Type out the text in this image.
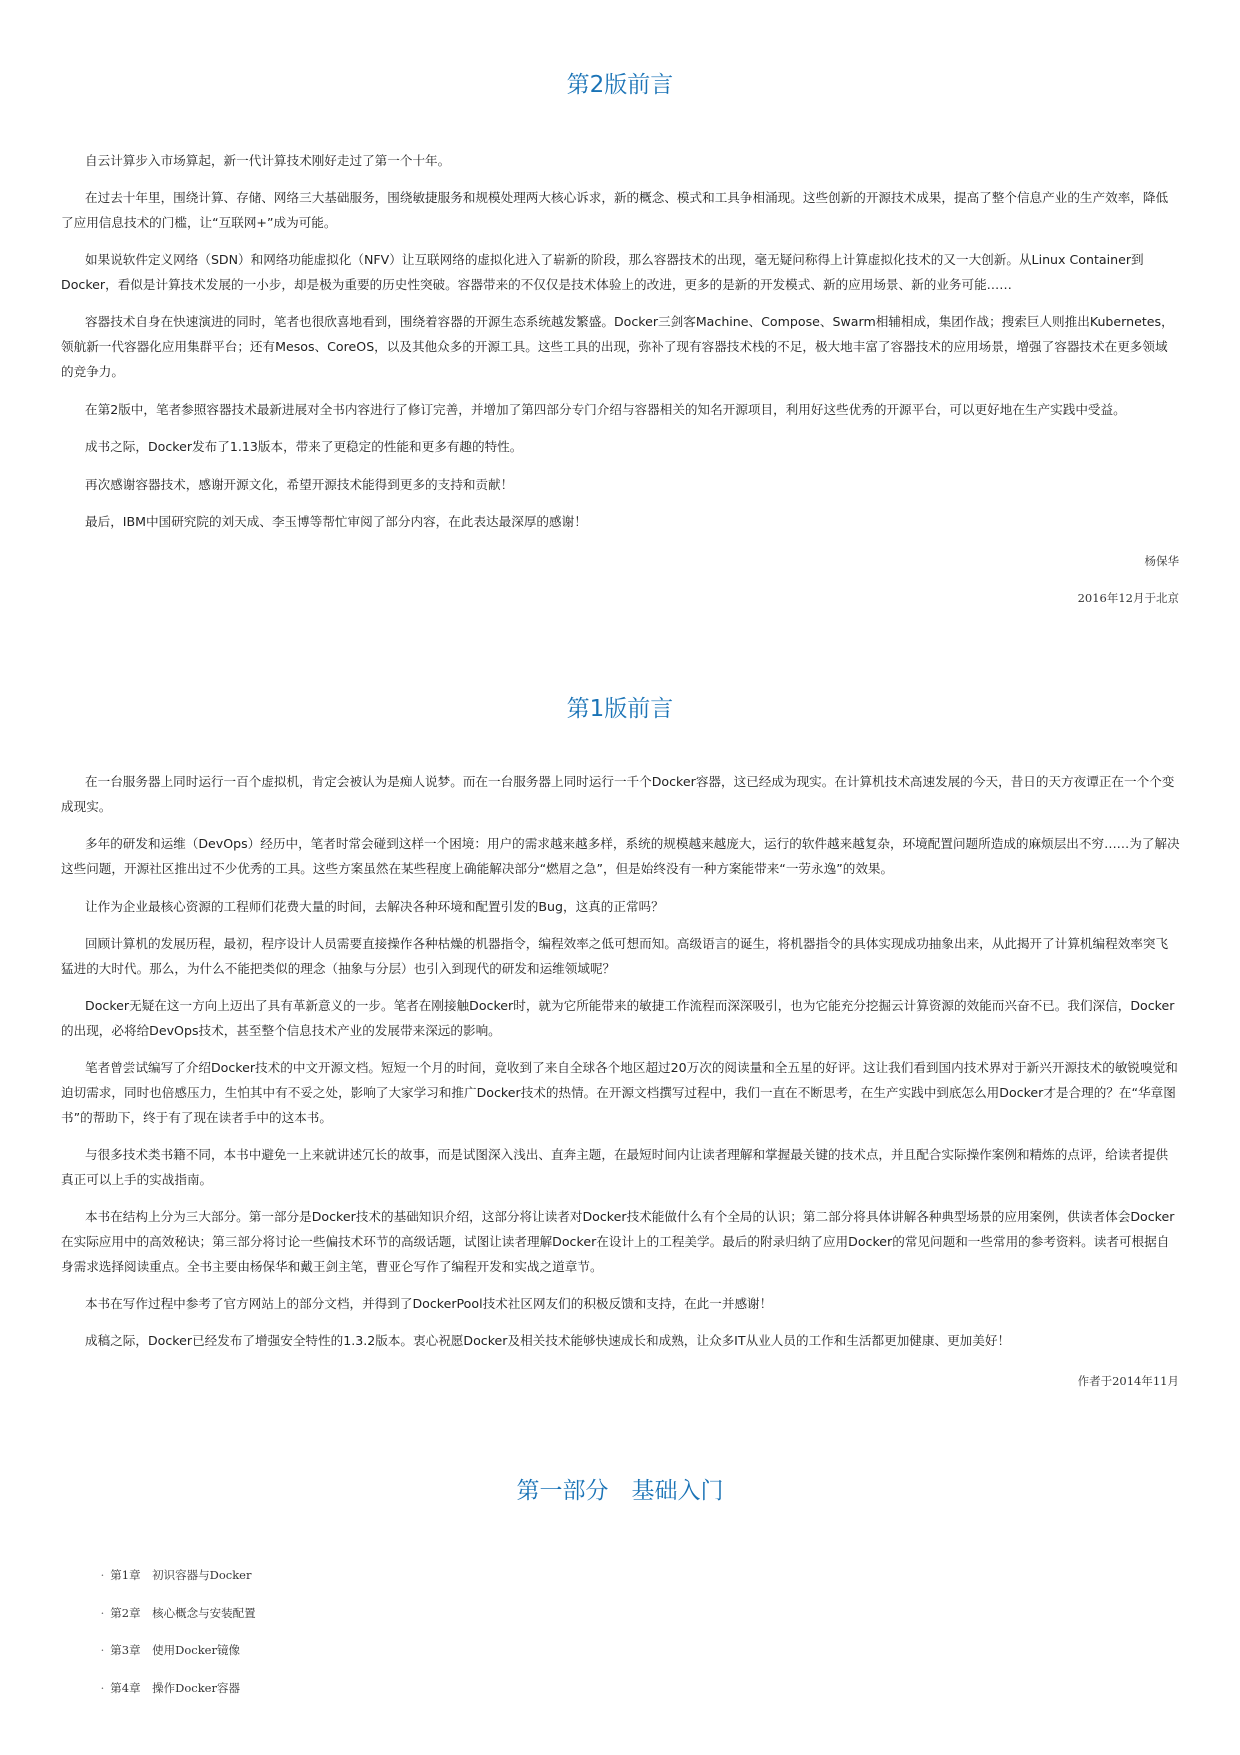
第2版前言

自云计算步入市场算起，新一代计算技术刚好走过了第一个十年。

在过去十年里，围绕计算、存储、网络三大基础服务，围绕敏捷服务和规模处理两大核心诉求，新的概念、模式和工具争相涌现。这些创新的开源技术成果，提高了整个信息产业的生产效率，降低了应用信息技术的门槛，让“互联网+”成为可能。

如果说软件定义网络（SDN）和网络功能虚拟化（NFV）让互联网络的虚拟化进入了崭新的阶段，那么容器技术的出现，毫无疑问称得上计算虚拟化技术的又一大创新。从Linux Container到Docker，看似是计算技术发展的一小步，却是极为重要的历史性突破。容器带来的不仅仅是技术体验上的改进，更多的是新的开发模式、新的应用场景、新的业务可能……

容器技术自身在快速演进的同时，笔者也很欣喜地看到，围绕着容器的开源生态系统越发繁盛。Docker三剑客Machine、Compose、Swarm相辅相成，集团作战；搜索巨人则推出Kubernetes，领航新一代容器化应用集群平台；还有Mesos、CoreOS，以及其他众多的开源工具。这些工具的出现，弥补了现有容器技术栈的不足，极大地丰富了容器技术的应用场景，增强了容器技术在更多领域的竞争力。

在第2版中，笔者参照容器技术最新进展对全书内容进行了修订完善，并增加了第四部分专门介绍与容器相关的知名开源项目，利用好这些优秀的开源平台，可以更好地在生产实践中受益。

成书之际，Docker发布了1.13版本，带来了更稳定的性能和更多有趣的特性。

再次感谢容器技术，感谢开源文化，希望开源技术能得到更多的支持和贡献！

最后，IBM中国研究院的刘天成、李玉博等帮忙审阅了部分内容，在此表达最深厚的感谢！

杨保华

2016年12月于北京

第1版前言

在一台服务器上同时运行一百个虚拟机，肯定会被认为是痴人说梦。而在一台服务器上同时运行一千个Docker容器，这已经成为现实。在计算机技术高速发展的今天，昔日的天方夜谭正在一个个变成现实。

多年的研发和运维（DevOps）经历中，笔者时常会碰到这样一个困境：用户的需求越来越多样，系统的规模越来越庞大，运行的软件越来越复杂，环境配置问题所造成的麻烦层出不穷……为了解决这些问题，开源社区推出过不少优秀的工具。这些方案虽然在某些程度上确能解决部分“燃眉之急”，但是始终没有一种方案能带来“一劳永逸”的效果。

让作为企业最核心资源的工程师们花费大量的时间，去解决各种环境和配置引发的Bug，这真的正常吗？

回顾计算机的发展历程，最初，程序设计人员需要直接操作各种枯燥的机器指令，编程效率之低可想而知。高级语言的诞生，将机器指令的具体实现成功抽象出来，从此揭开了计算机编程效率突飞猛进的大时代。那么，为什么不能把类似的理念（抽象与分层）也引入到现代的研发和运维领域呢？

Docker无疑在这一方向上迈出了具有革新意义的一步。笔者在刚接触Docker时，就为它所能带来的敏捷工作流程而深深吸引，也为它能充分挖掘云计算资源的效能而兴奋不已。我们深信，Docker的出现，必将给DevOps技术，甚至整个信息技术产业的发展带来深远的影响。

笔者曾尝试编写了介绍Docker技术的中文开源文档。短短一个月的时间，竟收到了来自全球各个地区超过20万次的阅读量和全五星的好评。这让我们看到国内技术界对于新兴开源技术的敏锐嗅觉和迫切需求，同时也倍感压力，生怕其中有不妥之处，影响了大家学习和推广Docker技术的热情。在开源文档撰写过程中，我们一直在不断思考，在生产实践中到底怎么用Docker才是合理的？在“华章图书”的帮助下，终于有了现在读者手中的这本书。

与很多技术类书籍不同，本书中避免一上来就讲述冗长的故事，而是试图深入浅出、直奔主题，在最短时间内让读者理解和掌握最关键的技术点，并且配合实际操作案例和精炼的点评，给读者提供真正可以上手的实战指南。

本书在结构上分为三大部分。第一部分是Docker技术的基础知识介绍，这部分将让读者对Docker技术能做什么有个全局的认识；第二部分将具体讲解各种典型场景的应用案例，供读者体会Docker在实际应用中的高效秘诀；第三部分将讨论一些偏技术环节的高级话题，试图让读者理解Docker在设计上的工程美学。最后的附录归纳了应用Docker的常见问题和一些常用的参考资料。读者可根据自身需求选择阅读重点。全书主要由杨保华和戴王剑主笔，曹亚仑写作了编程开发和实战之道章节。

本书在写作过程中参考了官方网站上的部分文档，并得到了DockerPool技术社区网友们的积极反馈和支持，在此一并感谢！

成稿之际，Docker已经发布了增强安全特性的1.3.2版本。衷心祝愿Docker及相关技术能够快速成长和成熟，让众多IT从业人员的工作和生活都更加健康、更加美好！

作者于2014年11月

第一部分　基础入门

· 第1章　 初识容器与Docker

· 第2章　 核心概念与安装配置

· 第3章　 使用Docker镜像

· 第4章　 操作Docker容器
